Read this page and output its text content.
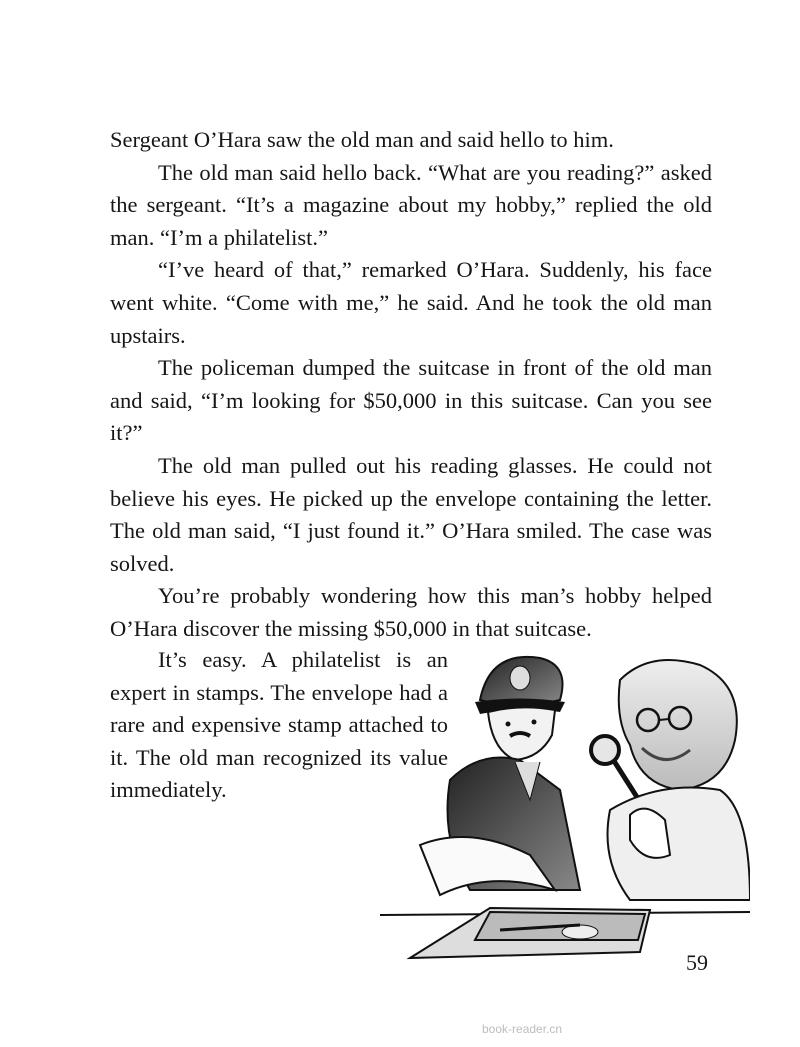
Sergeant O’Hara saw the old man and said hello to him.

The old man said hello back. “What are you reading?” asked the sergeant. “It’s a magazine about my hobby,” replied the old man. “I’m a philatelist.”

“I’ve heard of that,” remarked O’Hara. Suddenly, his face went white. “Come with me,” he said. And he took the old man upstairs.

The policeman dumped the suitcase in front of the old man and said, “I’m looking for $50,000 in this suitcase. Can you see it?”

The old man pulled out his reading glasses. He could not believe his eyes. He picked up the envelope containing the letter. The old man said, “I just found it.” O’Hara smiled. The case was solved.

You’re probably wondering how this man’s hobby helped O’Hara discover the missing $50,000 in that suitcase.

It’s easy. A philatelist is an expert in stamps. The envelope had a rare and expensive stamp attached to it. The old man recognized its value immediately.

59
book-reader.cn
